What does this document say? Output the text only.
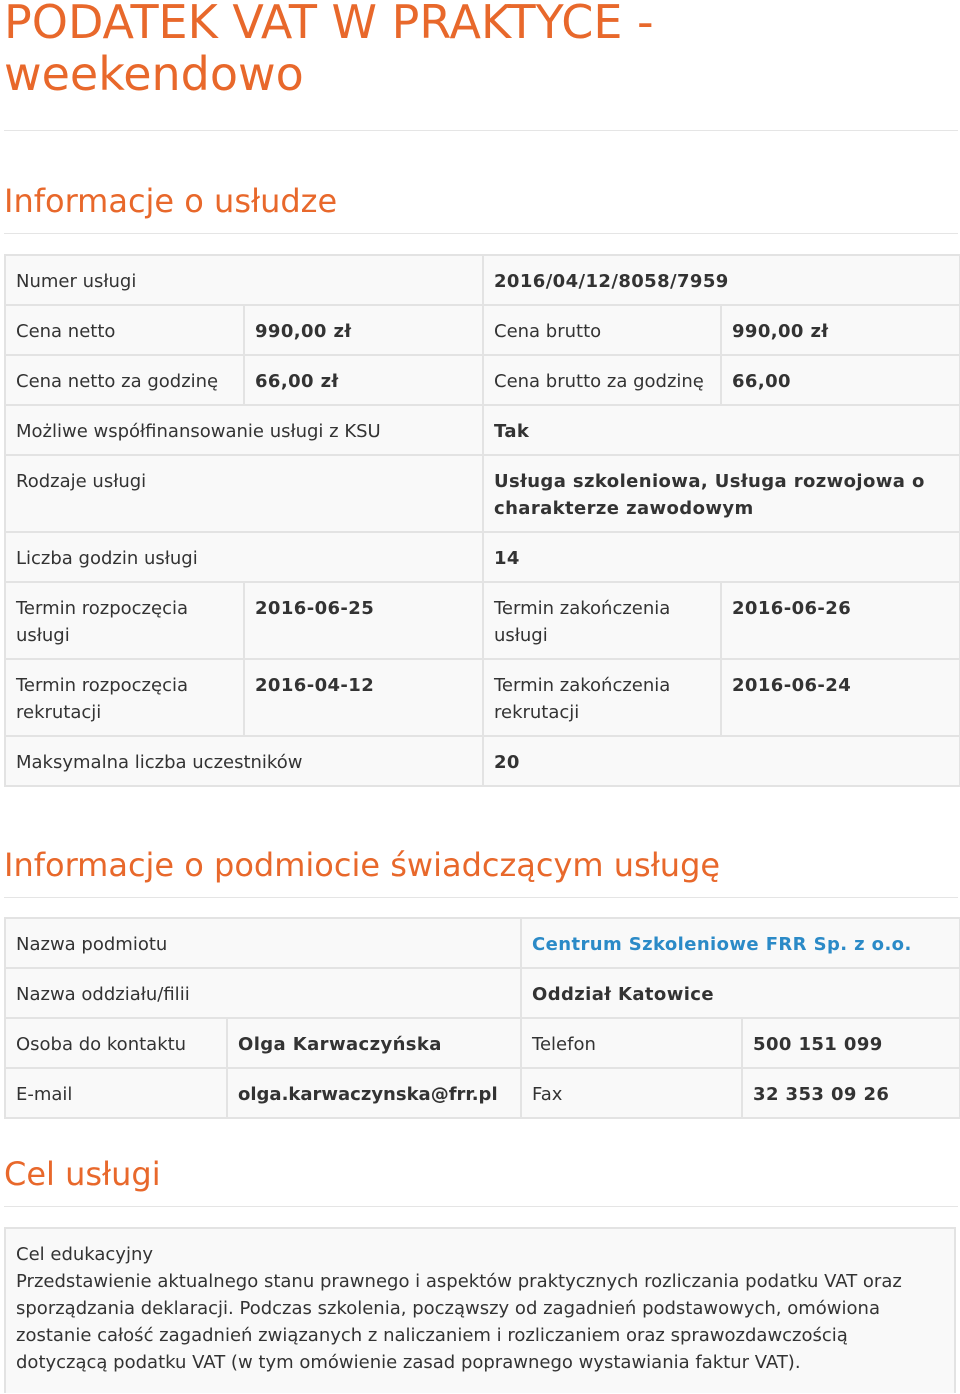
PODATEK VAT W PRAKTYCE - weekendowo
Informacje o usłudze
Numer usługi		2016/04/12/8058/7959	
Cena netto	990,00 zł	Cena brutto	990,00 zł
Cena netto za godzinę	66,00 zł	Cena brutto za godzinę	66,00
Możliwe współfinansowanie usługi z KSU		Tak	
Rodzaje usługi		Usługa szkoleniowa, Usługa rozwojowa o charakterze zawodowym	
Liczba godzin usługi		14	
Termin rozpoczęcia usługi	2016-06-25	Termin zakończenia usługi	2016-06-26
Termin rozpoczęcia rekrutacji	2016-04-12	Termin zakończenia rekrutacji	2016-06-24
Maksymalna liczba uczestników		20	
Informacje o podmiocie świadczącym usługę
Nazwa podmiotu		Centrum Szkoleniowe FRR Sp. z o.o.	
Nazwa oddziału/filii		Oddział Katowice	
Osoba do kontaktu	Olga Karwaczyńska	Telefon	500 151 099
E-mail	olga.karwaczynska@frr.pl	Fax	32 353 09 26
Cel usługi

Cel edukacyjny

Przedstawienie aktualnego stanu prawnego i aspektów praktycznych rozliczania podatku VAT oraz sporządzania deklaracji. Podczas szkolenia, począwszy od zagadnień podstawowych, omówiona zostanie całość zagadnień związanych z naliczaniem i rozliczaniem oraz sprawozdawczością dotyczącą podatku VAT (w tym omówienie zasad poprawnego wystawiania faktur VAT).
